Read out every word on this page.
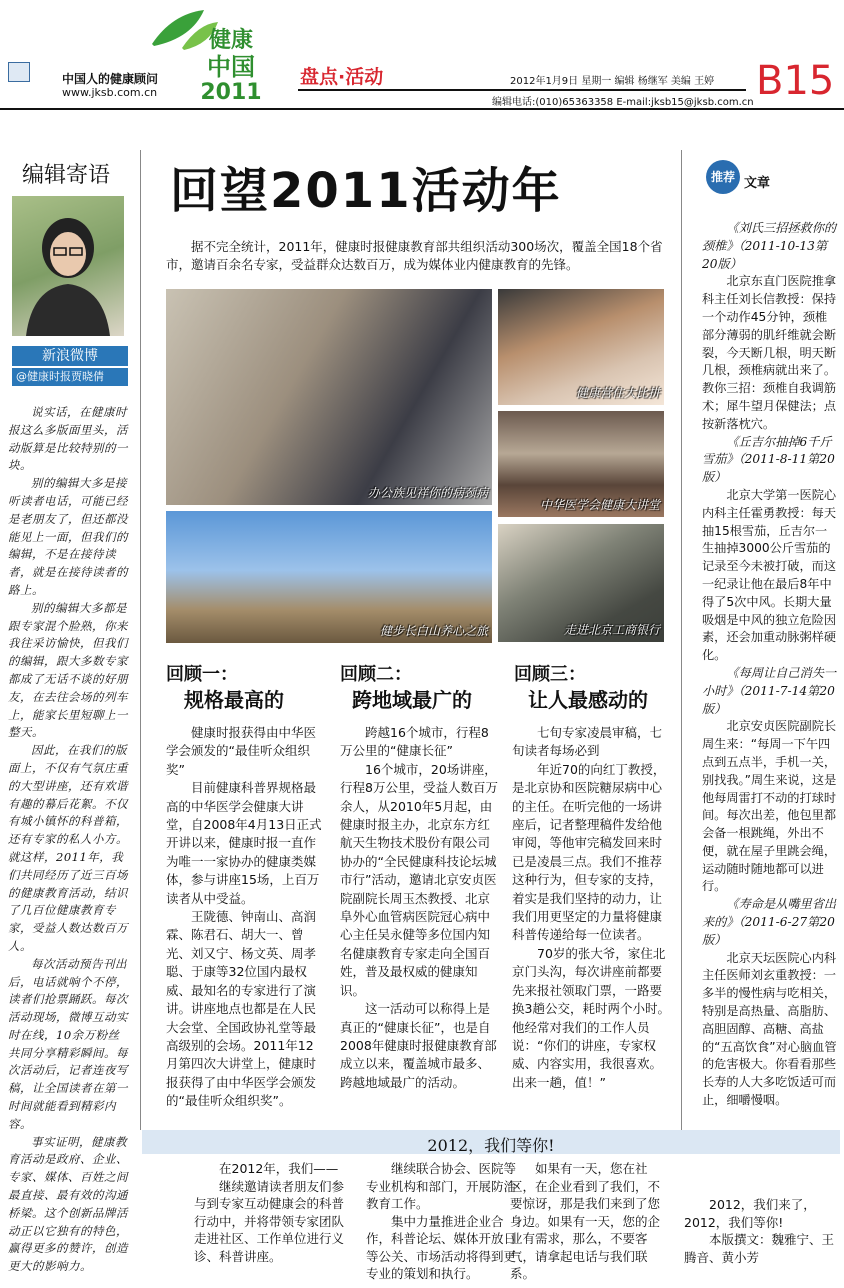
中国人的健康顾问
www.jksb.com.cn
健康
中国
2011
盘点·活动	2012年1月9日 星期一 编辑 杨继军 美编 王婷
编辑电话:(010)65363358 E-mail:jksb15@jksb.com.cn B15
编辑寄语
新浪微博
@健康时报贾晓倩

说实话，在健康时报这么多版面里头，活动版算是比较特别的一块。

别的编辑大多是接听读者电话，可能已经是老朋友了，但还都没能见上一面，但我们的编辑，不是在接待读者，就是在接待读者的路上。

别的编辑大多都是跟专家混个脸熟，你来我往采访愉快，但我们的编辑，跟大多数专家都成了无话不谈的好朋友，在去往会场的列车上，能家长里短聊上一整天。

因此，在我们的版面上，不仅有气氛庄重的大型讲座，还有欢谐有趣的幕后花絮。不仅有城小镇怀的科普箱，还有专家的私人小方。就这样，2011年，我们共同经历了近三百场的健康教育活动，结识了几百位健康教育专家，受益人数达数百万人。

每次活动预告刊出后，电话就响个不停，读者们抢票踊跃。每次活动现场，微博互动实时在线，10余万粉丝共同分享精彩瞬间。每次活动后，记者连夜写稿，让全国读者在第一时间就能看到精彩内容。

事实证明，健康教育活动是政府、企业、专家、媒体、百姓之间最直接、最有效的沟通桥梁。这个创新品牌活动正以它独有的特色，赢得更多的赞许，创造更大的影响力。

回望2011活动年
据不完全统计，2011年，健康时报健康教育部共组织活动300场次，覆盖全国18个省市，邀请百余名专家，受益群众达数百万，成为媒体业内健康教育的先锋。
办公族见祥你的病颈病
健康营住大比拼
中华医学会健康大讲堂
健步长白山养心之旅	走进北京工商银行
回顾一：
规格最高的
回顾二：
跨地域最广的
回顾三：
让人最感动的

健康时报获得由中华医学会颁发的“最佳听众组织奖”

目前健康科普界规格最高的中华医学会健康大讲堂，自2008年4月13日正式开讲以来，健康时报一直作为唯一一家协办的健康类媒体，参与讲座15场，上百万读者从中受益。

王陇德、钟南山、高润霖、陈君石、胡大一、曾光、刘又宁、杨文英、周孝聪、于康等32位国内最权威、最知名的专家进行了演讲。讲座地点也都是在人民大会堂、全国政协礼堂等最高级别的会场。2011年12月第四次大讲堂上，健康时报获得了由中华医学会颁发的“最佳听众组织奖”。

跨越16个城市，行程8万公里的“健康长征”

16个城市，20场讲座，行程8万公里，受益人数百万余人，从2010年5月起，由健康时报主办，北京东方红航天生物技术股份有限公司协办的“全民健康科技论坛城市行”活动，邀请北京安贞医院副院长周玉杰教授、北京阜外心血管病医院冠心病中心主任吴永健等多位国内知名健康教育专家走向全国百姓，普及最权威的健康知识。

这一活动可以称得上是真正的“健康长征”，也是自2008年健康时报健康教育部成立以来，覆盖城市最多、跨越地域最广的活动。

七旬专家凌晨审稿，七旬读者每场必到

年近70的向红丁教授，是北京协和医院糖尿病中心的主任。在听完他的一场讲座后，记者整理稿件发给他审阅，等他审完稿发回来时已是凌晨三点。我们不推荐这种行为，但专家的支持，着实是我们坚持的动力，让我们用更坚定的力量将健康科普传递给每一位读者。

70岁的张大爷，家住北京门头沟，每次讲座前都要先来报社领取门票，一路要换3趟公交，耗时两个小时。他经常对我们的工作人员说：“你们的讲座，专家权威、内容实用，我很喜欢。出来一趟，值！”

推荐 文章

《刘氏三招拯救你的颈椎》（2011-10-13第20版）

北京东直门医院推拿科主任刘长信教授：保持一个动作45分钟，颈椎部分薄弱的肌纤维就会断裂，今天断几根，明天断几根，颈椎病就出来了。教你三招：颈椎自我调筋术；犀牛望月保健法；点按新落枕穴。

《丘吉尔抽掉6千斤雪茄》（2011-8-11第20版）

北京大学第一医院心内科主任霍勇教授：每天抽15根雪茄，丘吉尔一生抽掉3000公斤雪茄的记录至今未被打破，而这一纪录让他在最后8年中得了5次中风。长期大量吸烟是中风的独立危险因素，还会加重动脉粥样硬化。

《每周让自己消失一小时》（2011-7-14第20版）

北京安贞医院副院长周生来：“每周一下午四点到五点半，手机一关，别找我。”周生来说，这是他每周雷打不动的打球时间。每次出差，他包里都会备一根跳绳，外出不便，就在屋子里跳会绳，运动随时随地都可以进行。

《寿命是从嘴里省出来的》（2011-6-27第20版）

北京天坛医院心内科主任医师刘玄重教授：一多半的慢性病与吃相关，特别是高热量、高脂肪、高胆固醇、高糖、高盐的“五高饮食”对心脑血管的危害极大。你看看那些长寿的人大多吃饭适可而止，细嚼慢咽。

2012，我们等你!

在2012年，我们——

继续邀请读者朋友们参与到专家互动健康会的科普行动中，并将带领专家团队走进社区、工作单位进行义诊、科普讲座。

继续联合协会、医院等专业机构和部门，开展防治教育工作。

集中力量推进企业合作，科普论坛、媒体开放日等公关、市场活动将得到更专业的策划和执行。

如果有一天，您在社区，在企业看到了我们，不要惊讶，那是我们来到了您身边。如果有一天，您的企业有需求，那么，不要客气，请拿起电话与我们联系。

2012，我们来了，2012，我们等你!

本版撰文：魏雅宁、王腾音、黄小芳
